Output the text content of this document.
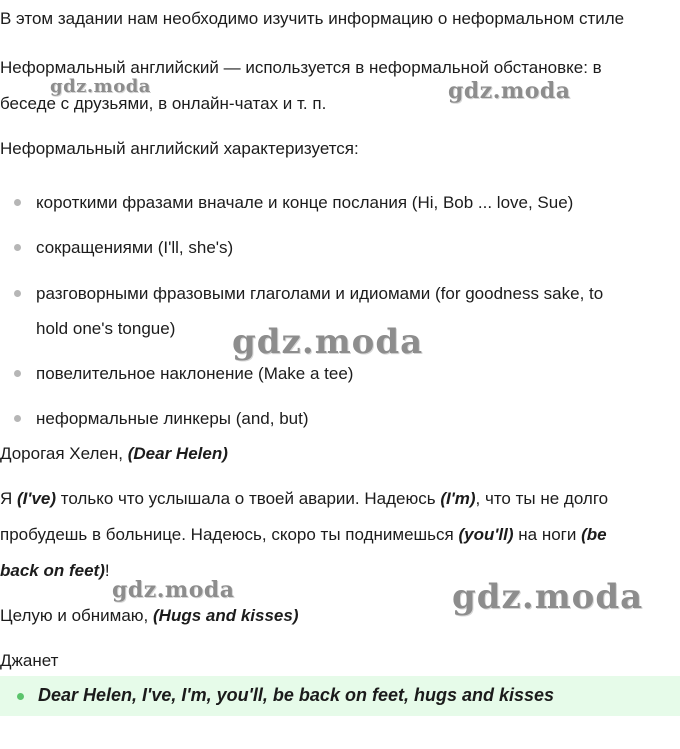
В этом задании нам необходимо изучить информацию о неформальном стиле
Неформальный английский — используется в неформальной обстановке: в
беседе с друзьями, в онлайн-чатах и т. п.
Неформальный английский характеризуется:
короткими фразами вначале и конце послания (Hi, Bob ... love, Sue)
сокращениями (I'll, she's)
разговорными фразовыми глаголами и идиомами (for goodness sake, to
hold one's tongue)
повелительное наклонение (Make a tee)
неформальные линкеры (and, but)
Дорогая Хелен, (Dear Helen)
Я (I've) только что услышала о твоей аварии. Надеюсь (I'm), что ты не долго
пробудешь в больнице. Надеюсь, скоро ты поднимешься (you'll) на ноги (be
back on feet)!
Целую и обнимаю, (Hugs and kisses)
Джанет
Dear Helen, I've, I'm, you'll, be back on feet, hugs and kisses
gdz.moda	gdz.moda
gdz.moda
gdz.moda	gdz.moda
